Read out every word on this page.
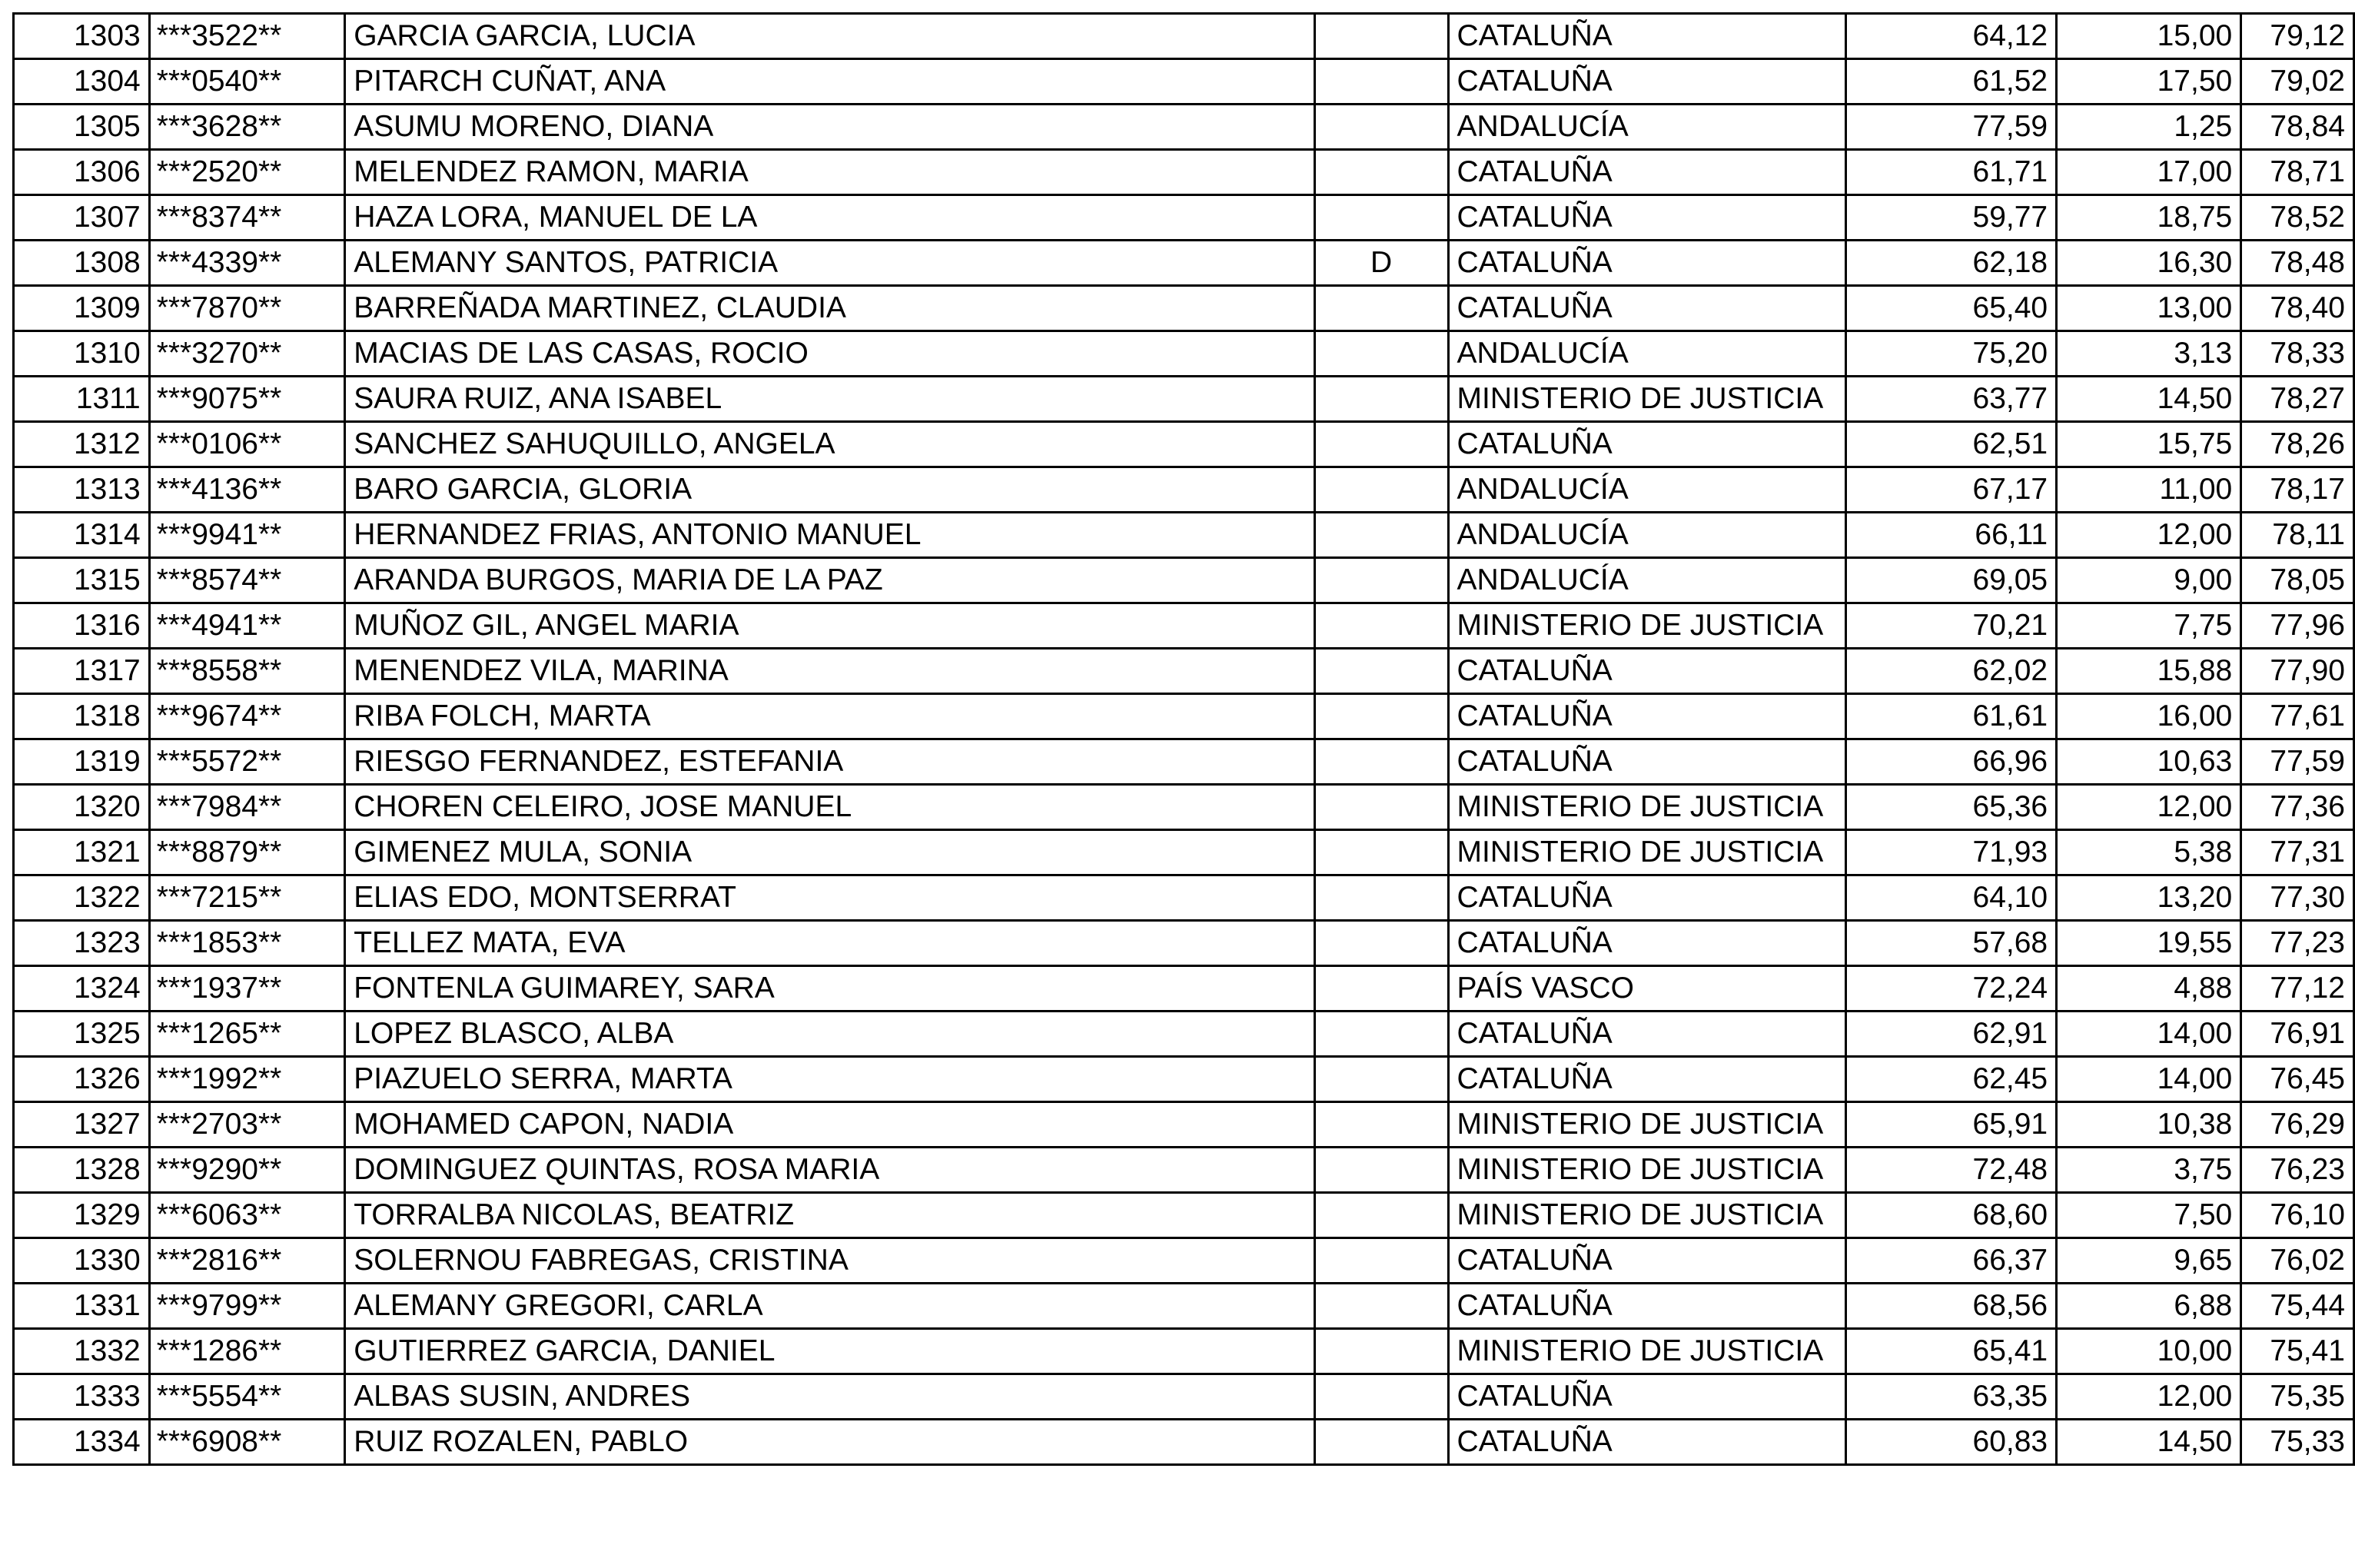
1303	***3522**	GARCIA GARCIA, LUCIA		CATALUÑA	64,12	15,00	79,12
1304	***0540**	PITARCH CUÑAT, ANA		CATALUÑA	61,52	17,50	79,02
1305	***3628**	ASUMU MORENO, DIANA		ANDALUCÍA	77,59	1,25	78,84
1306	***2520**	MELENDEZ RAMON, MARIA		CATALUÑA	61,71	17,00	78,71
1307	***8374**	HAZA LORA, MANUEL DE LA		CATALUÑA	59,77	18,75	78,52
1308	***4339**	ALEMANY SANTOS, PATRICIA	D	CATALUÑA	62,18	16,30	78,48
1309	***7870**	BARREÑADA MARTINEZ, CLAUDIA		CATALUÑA	65,40	13,00	78,40
1310	***3270**	MACIAS DE LAS CASAS, ROCIO		ANDALUCÍA	75,20	3,13	78,33
1311	***9075**	SAURA RUIZ, ANA ISABEL		MINISTERIO DE JUSTICIA	63,77	14,50	78,27
1312	***0106**	SANCHEZ SAHUQUILLO, ANGELA		CATALUÑA	62,51	15,75	78,26
1313	***4136**	BARO GARCIA, GLORIA		ANDALUCÍA	67,17	11,00	78,17
1314	***9941**	HERNANDEZ FRIAS, ANTONIO MANUEL		ANDALUCÍA	66,11	12,00	78,11
1315	***8574**	ARANDA BURGOS, MARIA DE LA PAZ		ANDALUCÍA	69,05	9,00	78,05
1316	***4941**	MUÑOZ GIL, ANGEL MARIA		MINISTERIO DE JUSTICIA	70,21	7,75	77,96
1317	***8558**	MENENDEZ VILA, MARINA		CATALUÑA	62,02	15,88	77,90
1318	***9674**	RIBA FOLCH, MARTA		CATALUÑA	61,61	16,00	77,61
1319	***5572**	RIESGO FERNANDEZ, ESTEFANIA		CATALUÑA	66,96	10,63	77,59
1320	***7984**	CHOREN CELEIRO, JOSE MANUEL		MINISTERIO DE JUSTICIA	65,36	12,00	77,36
1321	***8879**	GIMENEZ MULA, SONIA		MINISTERIO DE JUSTICIA	71,93	5,38	77,31
1322	***7215**	ELIAS EDO, MONTSERRAT		CATALUÑA	64,10	13,20	77,30
1323	***1853**	TELLEZ MATA, EVA		CATALUÑA	57,68	19,55	77,23
1324	***1937**	FONTENLA GUIMAREY, SARA		PAÍS VASCO	72,24	4,88	77,12
1325	***1265**	LOPEZ BLASCO, ALBA		CATALUÑA	62,91	14,00	76,91
1326	***1992**	PIAZUELO SERRA, MARTA		CATALUÑA	62,45	14,00	76,45
1327	***2703**	MOHAMED CAPON, NADIA		MINISTERIO DE JUSTICIA	65,91	10,38	76,29
1328	***9290**	DOMINGUEZ QUINTAS, ROSA MARIA		MINISTERIO DE JUSTICIA	72,48	3,75	76,23
1329	***6063**	TORRALBA NICOLAS, BEATRIZ		MINISTERIO DE JUSTICIA	68,60	7,50	76,10
1330	***2816**	SOLERNOU FABREGAS, CRISTINA		CATALUÑA	66,37	9,65	76,02
1331	***9799**	ALEMANY GREGORI, CARLA		CATALUÑA	68,56	6,88	75,44
1332	***1286**	GUTIERREZ GARCIA, DANIEL		MINISTERIO DE JUSTICIA	65,41	10,00	75,41
1333	***5554**	ALBAS SUSIN, ANDRES		CATALUÑA	63,35	12,00	75,35
1334	***6908**	RUIZ ROZALEN, PABLO		CATALUÑA	60,83	14,50	75,33
